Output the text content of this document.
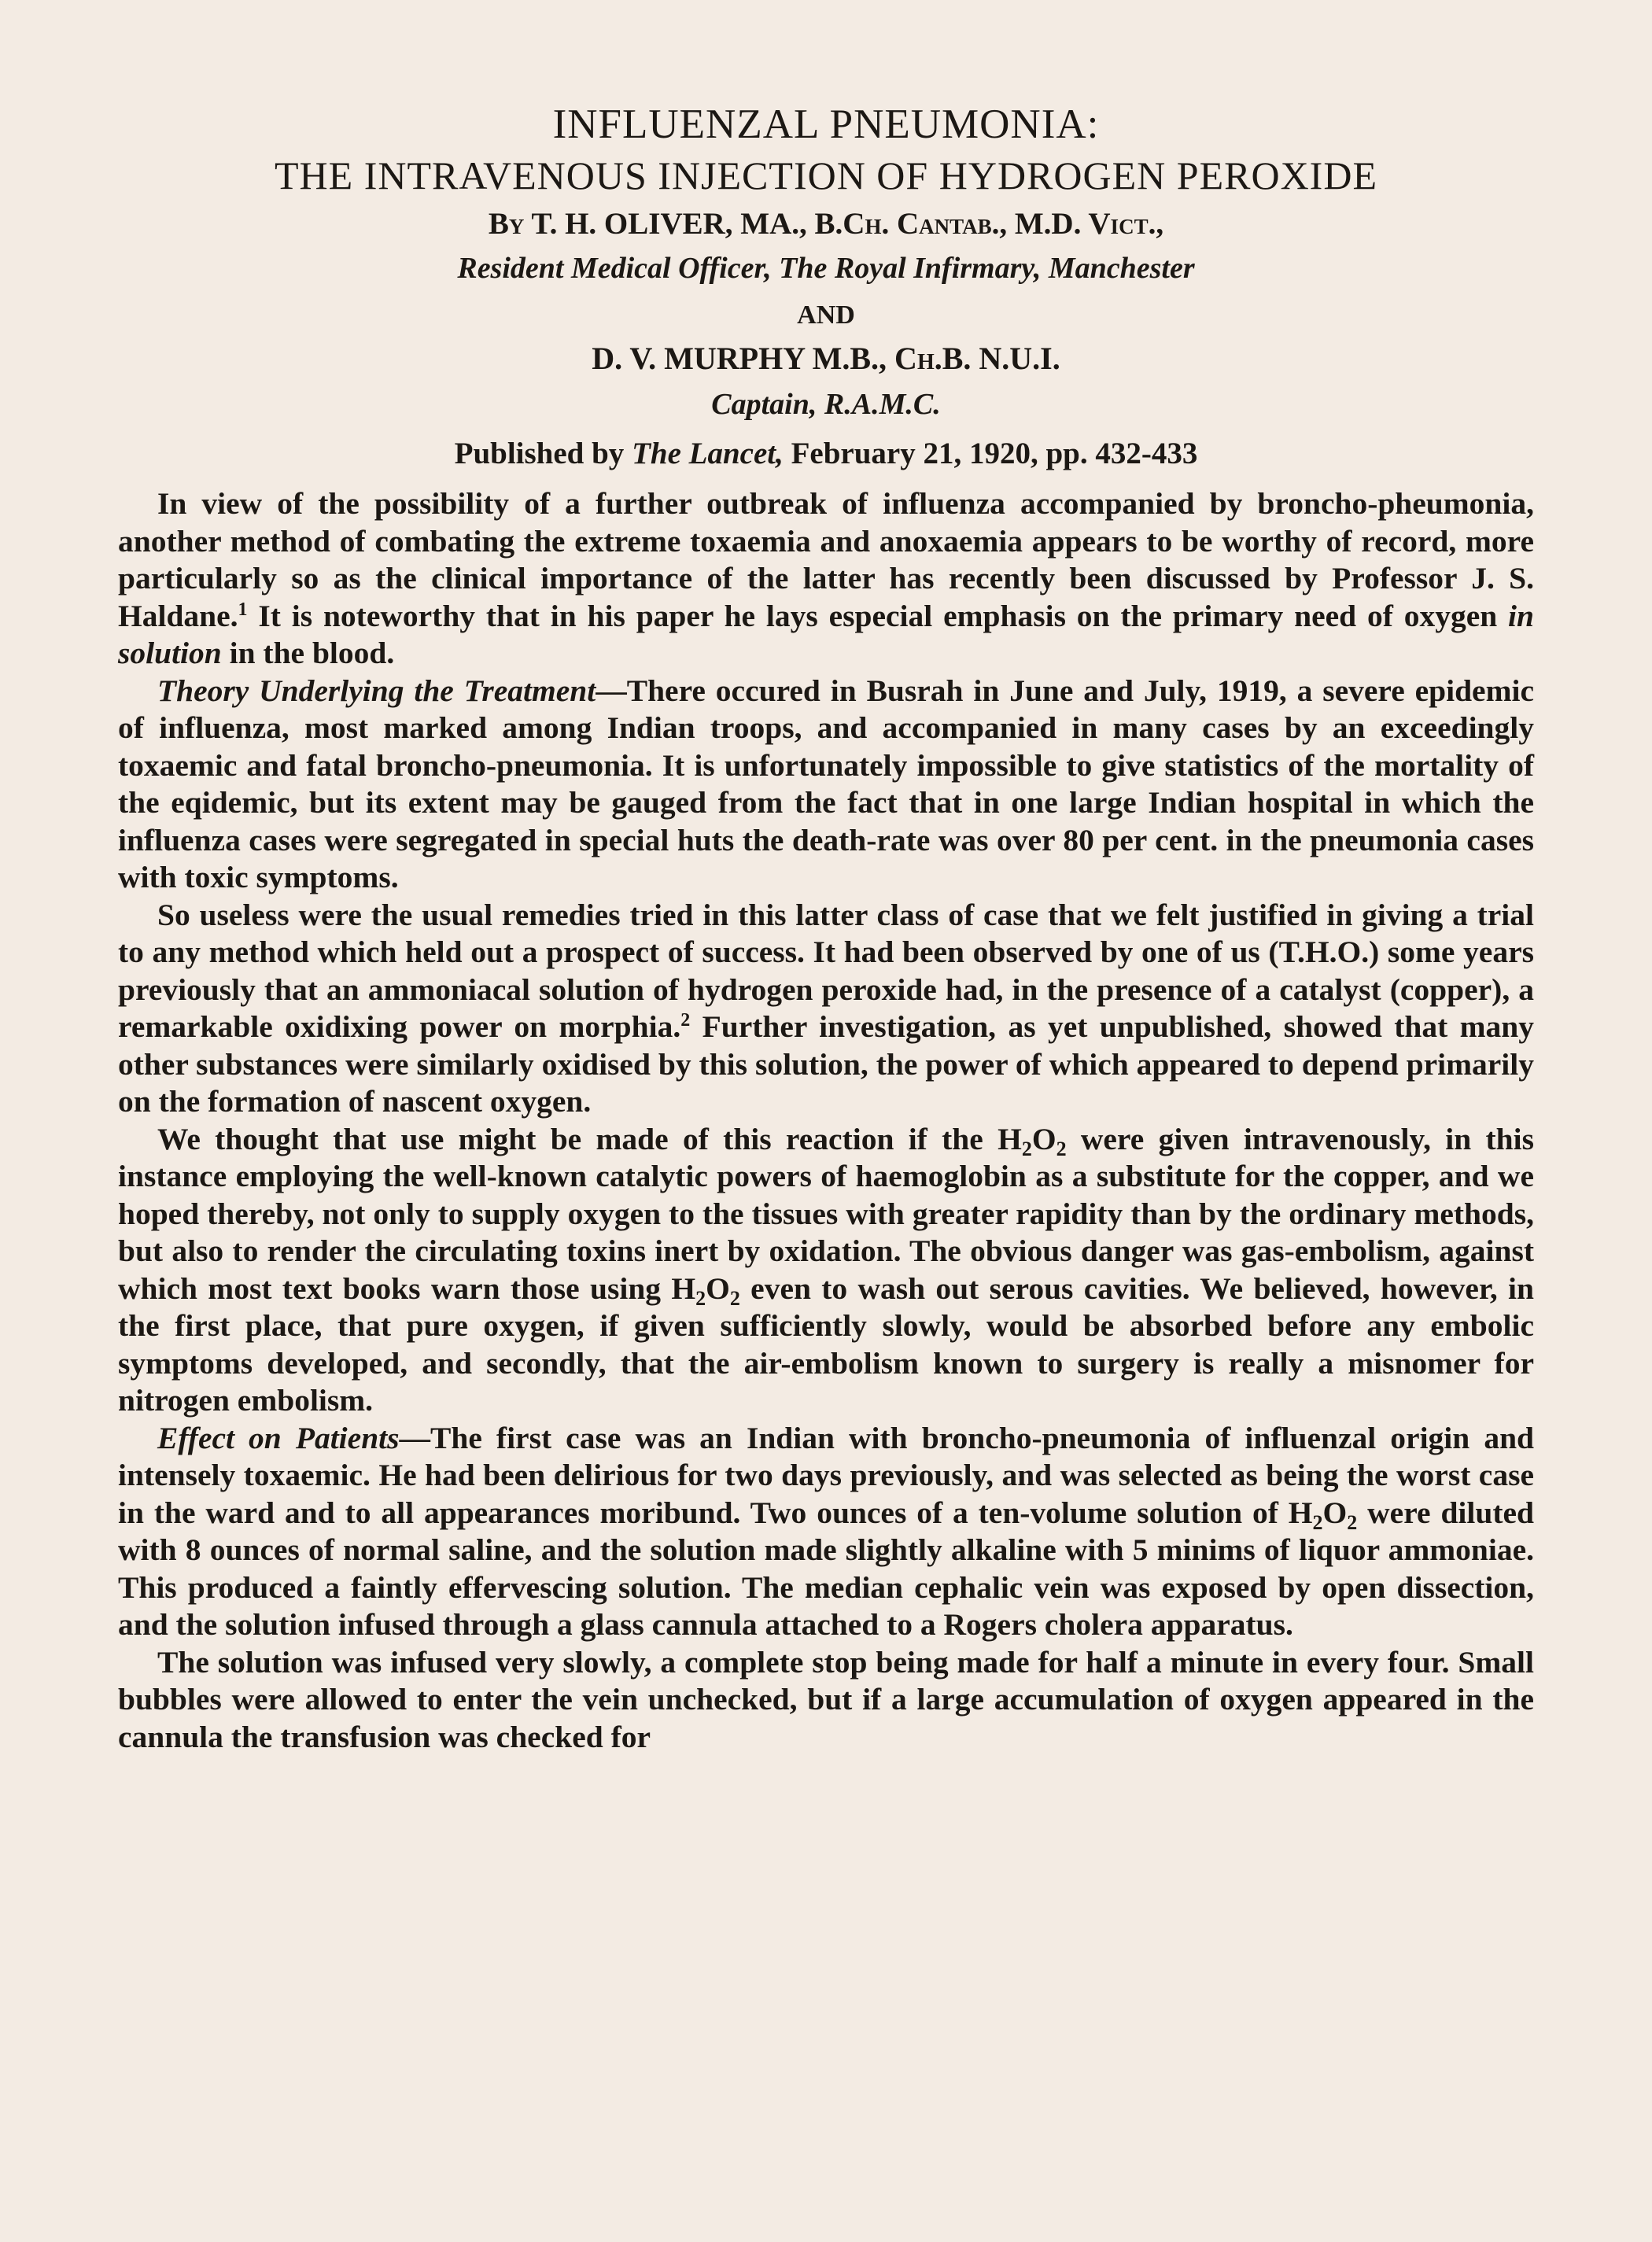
INFLUENZAL PNEUMONIA:
THE INTRAVENOUS INJECTION OF HYDROGEN PEROXIDE
By T. H. OLIVER, MA., B.Ch. Cantab., M.D. Vict.,
Resident Medical Officer, The Royal Infirmary, Manchester
AND
D. V. MURPHY M.B., Ch.B. N.U.I.
Captain, R.A.M.C.
Published by The Lancet, February 21, 1920, pp. 432-433

In view of the possibility of a further outbreak of influenza accompanied by broncho-pheumonia, another method of combating the extreme toxaemia and anoxaemia appears to be worthy of record, more particularly so as the clinical importance of the latter has recently been discussed by Professor J. S. Haldane.$^1$ It is noteworthy that in his paper he lays especial emphasis on the primary need of oxygen in solution in the blood.

Theory Underlying the Treatment—There occured in Busrah in June and July, 1919, a severe epidemic of influenza, most marked among Indian troops, and accompanied in many cases by an exceedingly toxaemic and fatal broncho-pneumonia. It is unfortunately impossible to give statistics of the mortality of the eqidemic, but its extent may be gauged from the fact that in one large Indian hospital in which the influenza cases were segregated in special huts the death-rate was over 80 per cent. in the pneumonia cases with toxic symptoms.

So useless were the usual remedies tried in this latter class of case that we felt justified in giving a trial to any method which held out a prospect of success. It had been observed by one of us (T.H.O.) some years previously that an ammoniacal solution of hydrogen peroxide had, in the presence of a catalyst (copper), a remarkable oxidixing power on morphia.$^2$ Further investigation, as yet unpublished, showed that many other substances were similarly oxidised by this solution, the power of which appeared to depend primarily on the formation of nascent oxygen.

We thought that use might be made of this reaction if the $H_2O_2$ were given intravenously, in this instance employing the well-known catalytic powers of haemoglobin as a substitute for the copper, and we hoped thereby, not only to supply oxygen to the tissues with greater rapidity than by the ordinary methods, but also to render the circulating toxins inert by oxidation. The obvious danger was gas-embolism, against which most text books warn those using $H_2O_2$ even to wash out serous cavities. We believed, however, in the first place, that pure oxygen, if given sufficiently slowly, would be absorbed before any embolic symptoms developed, and secondly, that the air-embolism known to surgery is really a misnomer for nitrogen embolism.

Effect on Patients—The first case was an Indian with broncho-pneumonia of influenzal origin and intensely toxaemic. He had been delirious for two days previously, and was selected as being the worst case in the ward and to all appearances moribund. Two ounces of a ten-volume solution of $H_2O_2$ were diluted with 8 ounces of normal saline, and the solution made slightly alkaline with 5 minims of liquor ammoniae. This produced a faintly effervescing solution. The median cephalic vein was exposed by open dissection, and the solution infused through a glass cannula attached to a Rogers cholera apparatus.

The solution was infused very slowly, a complete stop being made for half a minute in every four. Small bubbles were allowed to enter the vein unchecked, but if a large accumulation of oxygen appeared in the cannula the transfusion was checked for
